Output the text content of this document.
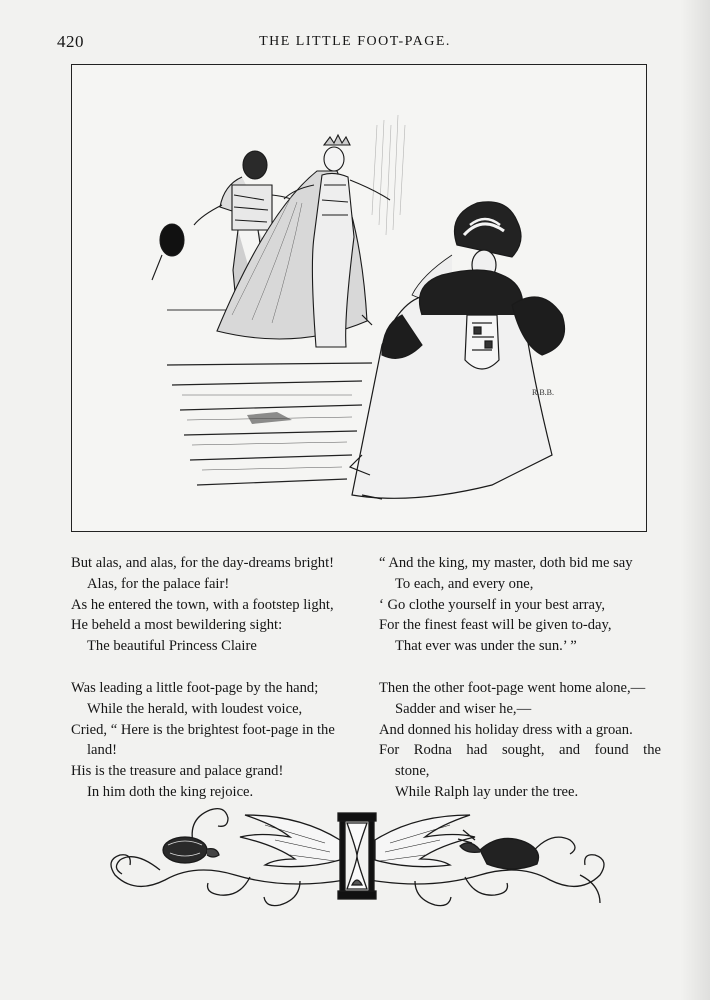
420	THE LITTLE FOOT-PAGE.
R.B.B.
But alas, and alas, for the day-dreams bright!
Alas, for the palace fair!
As he entered the town, with a footstep light,
He beheld a most bewildering sight:
The beautiful Princess Claire
Was leading a little foot-page by the hand;
While the herald, with loudest voice,
Cried, “ Here is the brightest foot-page in the
land!
His is the treasure and palace grand!
In him doth the king rejoice.
“ And the king, my master, doth bid me say
To each, and every one,
‘ Go clothe yourself in your best array,
For the finest feast will be given to-day,
That ever was under the sun.’ ”
Then the other foot-page went home alone,—
Sadder and wiser he,—
And donned his holiday dress with a groan.
For Rodna had sought, and found the
stone,
While Ralph lay under the tree.
